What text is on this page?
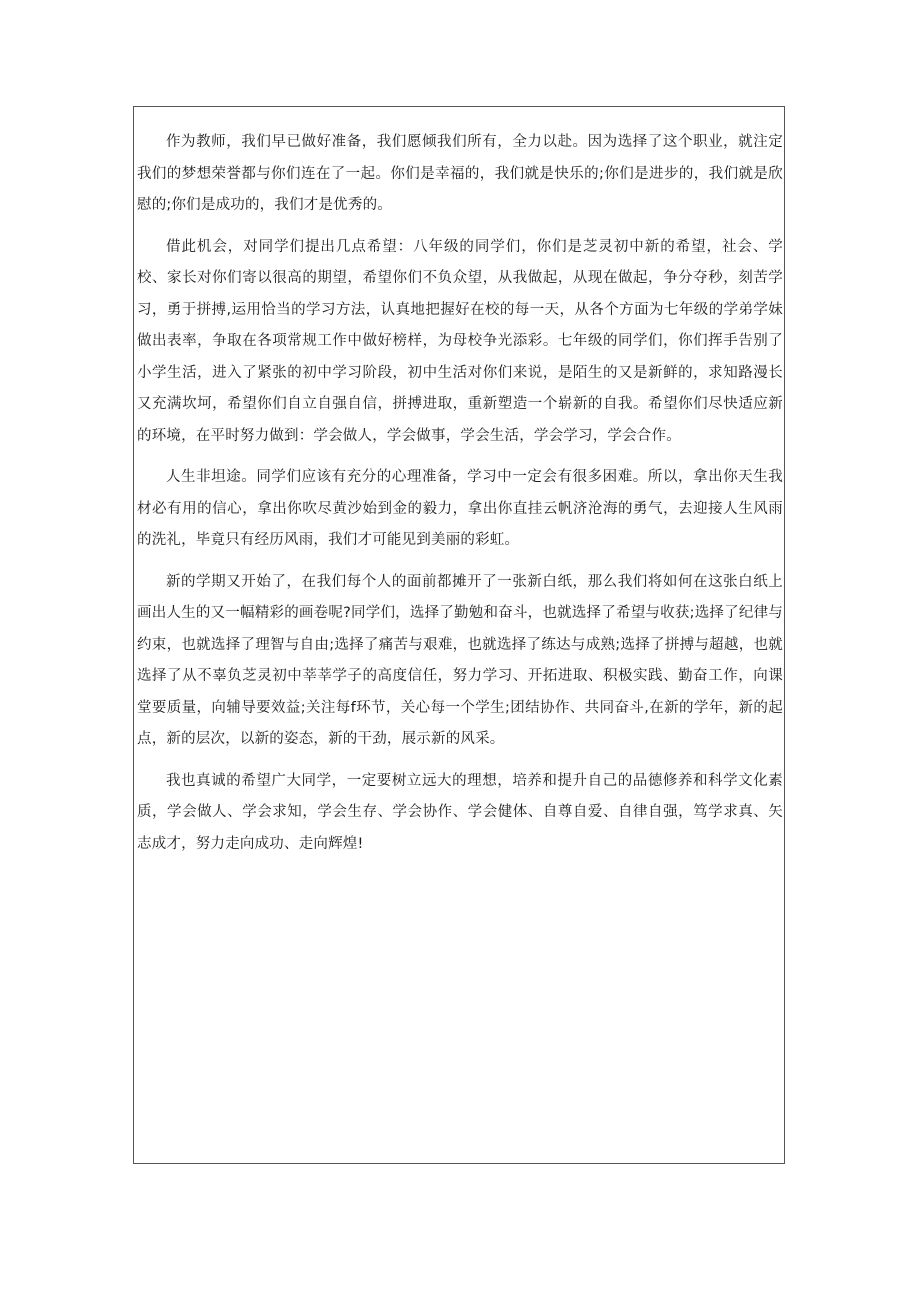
作为教师，我们早已做好准备，我们愿倾我们所有，全力以赴。因为选择了这个职业，就注定我们的梦想荣誉都与你们连在了一起。你们是幸福的，我们就是快乐的;你们是进步的，我们就是欣慰的;你们是成功的，我们才是优秀的。

借此机会，对同学们提出几点希望：八年级的同学们，你们是芝灵初中新的希望，社会、学校、家长对你们寄以很高的期望，希望你们不负众望，从我做起，从现在做起，争分夺秒，刻苦学习，勇于拼搏,运用恰当的学习方法，认真地把握好在校的每一天，从各个方面为七年级的学弟学妹做出表率，争取在各项常规工作中做好榜样，为母校争光添彩。七年级的同学们，你们挥手告别了小学生活，进入了紧张的初中学习阶段，初中生活对你们来说，是陌生的又是新鲜的，求知路漫长又充满坎坷，希望你们自立自强自信，拼搏进取，重新塑造一个崭新的自我。希望你们尽快适应新的环境，在平时努力做到：学会做人，学会做事，学会生活，学会学习，学会合作。

人生非坦途。同学们应该有充分的心理准备，学习中一定会有很多困难。所以，拿出你天生我材必有用的信心，拿出你吹尽黄沙始到金的毅力，拿出你直挂云帆济沧海的勇气，去迎接人生风雨的洗礼，毕竟只有经历风雨，我们才可能见到美丽的彩虹。

新的学期又开始了，在我们每个人的面前都摊开了一张新白纸，那么我们将如何在这张白纸上画出人生的又一幅精彩的画卷呢?同学们，选择了勤勉和奋斗，也就选择了希望与收获;选择了纪律与约束，也就选择了理智与自由;选择了痛苦与艰难，也就选择了练达与成熟;选择了拼搏与超越，也就选择了从不辜负芝灵初中莘莘学子的高度信任，努力学习、开拓进取、积极实践、勤奋工作，向课堂要质量，向辅导要效益;关注每f环节，关心每一个学生;团结协作、共同奋斗,在新的学年，新的起点，新的层次，以新的姿态，新的干劲，展示新的风采。

我也真诚的希望广大同学，一定要树立远大的理想，培养和提升自己的品德修养和科学文化素质，学会做人、学会求知，学会生存、学会协作、学会健体、自尊自爱、自律自强，笃学求真、矢志成才，努力走向成功、走向辉煌!
